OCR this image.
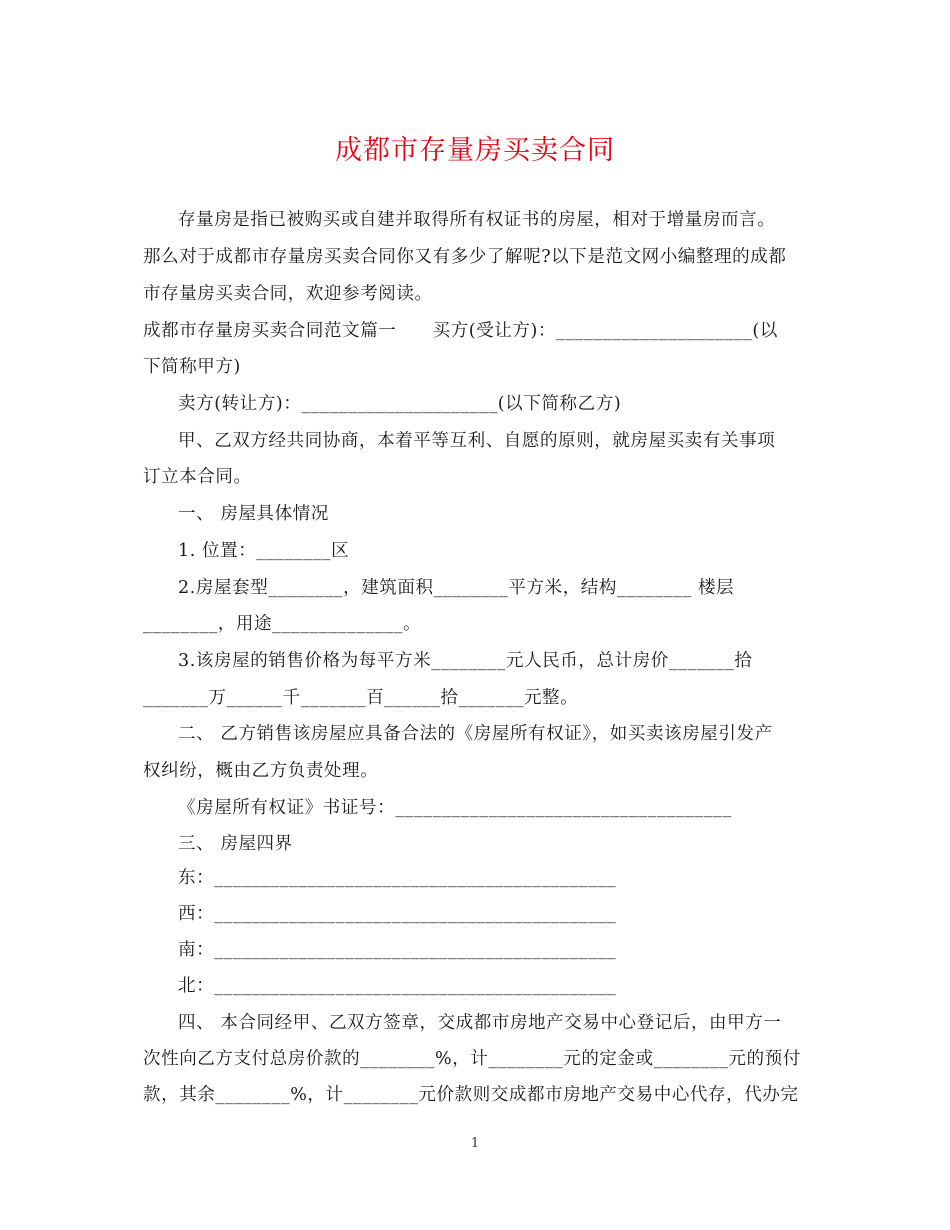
成都市存量房买卖合同
存量房是指已被购买或自建并取得所有权证书的房屋，相对于增量房而言。
那么对于成都市存量房买卖合同你又有多少了解呢?以下是范文网小编整理的成都
市存量房买卖合同，欢迎参考阅读。
成都市存量房买卖合同范文篇一　　买方(受让方)：_____________________(以
下简称甲方)
卖方(转让方)：_____________________(以下简称乙方)
甲、乙双方经共同协商，本着平等互利、自愿的原则，就房屋买卖有关事项
订立本合同。
一、 房屋具体情况
1. 位置：________区
2.房屋套型________，建筑面积________平方米，结构________ 楼层
________，用途______________。
3.该房屋的销售价格为每平方米________元人民币，总计房价_______拾
_______万______千_______百______拾_______元整。
二、 乙方销售该房屋应具备合法的《房屋所有权证》，如买卖该房屋引发产
权纠纷，概由乙方负责处理。
《房屋所有权证》书证号：____________________________________
三、 房屋四界
东：___________________________________________
西：___________________________________________
南：___________________________________________
北：___________________________________________
四、 本合同经甲、乙双方签章，交成都市房地产交易中心登记后，由甲方一
次性向乙方支付总房价款的________%，计________元的定金或________元的预付
款，其余________%，计________元价款则交成都市房地产交易中心代存，代办完
1
